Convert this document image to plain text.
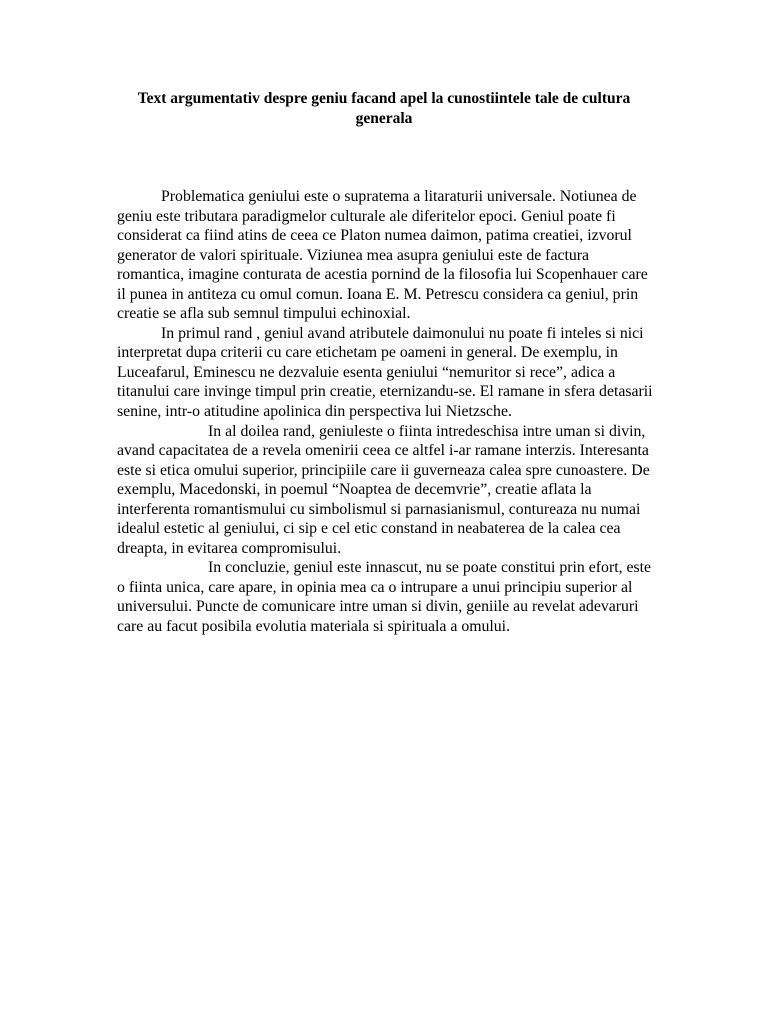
Text argumentativ despre geniu facand apel la cunostiintele tale de cultura generala

Problematica geniului este o supratema a litaraturii universale. Notiunea de geniu este tributara paradigmelor culturale ale diferitelor epoci. Geniul poate fi considerat ca fiind atins de ceea ce Platon numea daimon, patima creatiei, izvorul generator de valori spirituale. Viziunea mea asupra geniului este de factura romantica, imagine conturata de acestia pornind de la filosofia lui Scopenhauer care il punea in antiteza cu omul comun. Ioana E. M. Petrescu considera ca geniul, prin creatie se afla sub semnul timpului echinoxial.

In primul rand , geniul avand atributele daimonului nu poate fi inteles si nici interpretat dupa criterii cu care etichetam pe oameni in general. De exemplu, in Luceafarul, Eminescu ne dezvaluie esenta geniului “nemuritor si rece”, adica a titanului care invinge timpul prin creatie, eternizandu-se. El ramane in sfera detasarii senine, intr-o atitudine apolinica din perspectiva lui Nietzsche.

In al doilea rand, geniuleste o fiinta intredeschisa intre uman si divin, avand capacitatea de a revela omenirii ceea ce altfel i-ar ramane interzis. Interesanta este si etica omului superior, principiile care ii guverneaza calea spre cunoastere. De exemplu, Macedonski, in poemul “Noaptea de decemvrie”, creatie aflata la interferenta romantismului cu simbolismul si parnasianismul, contureaza nu numai idealul estetic al geniului, ci sip e cel etic constand in neabaterea de la calea cea dreapta, in evitarea compromisului.

In concluzie, geniul este innascut, nu se poate constitui prin efort, este o fiinta unica, care apare, in opinia mea ca o intrupare a unui principiu superior al universului. Puncte de comunicare intre uman si divin, geniile au revelat adevaruri care au facut posibila evolutia materiala si spirituala a omului.
